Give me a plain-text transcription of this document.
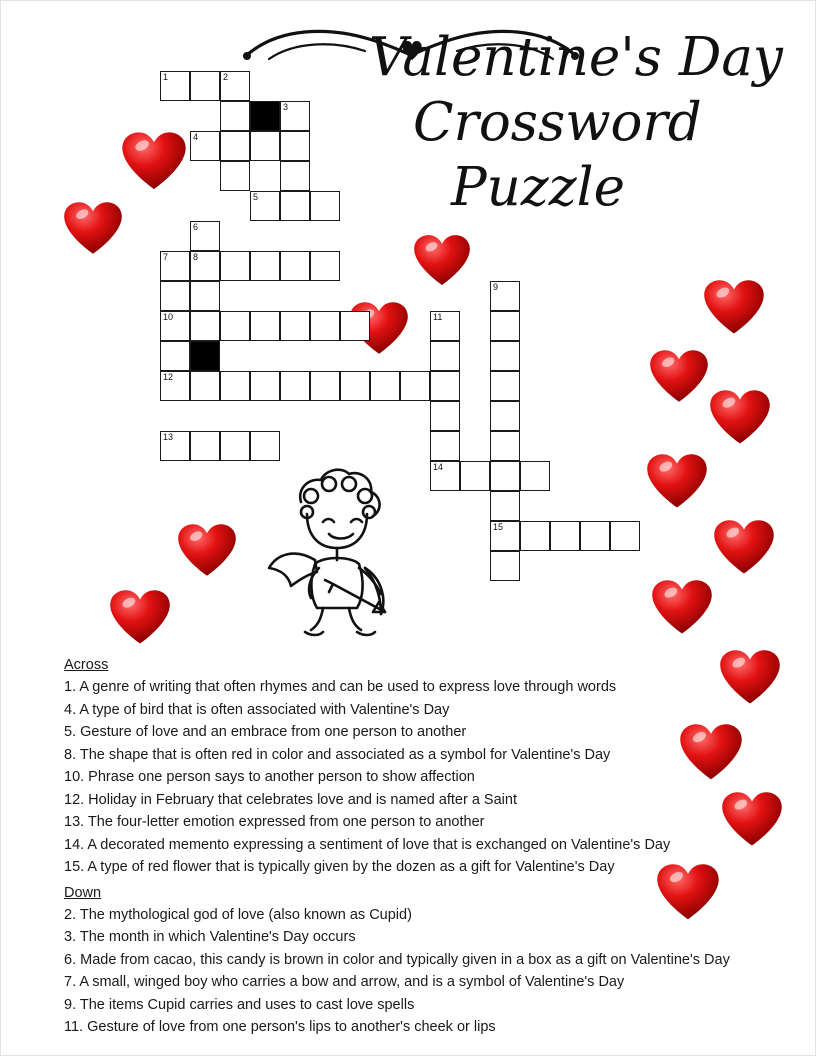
Valentine's Day
Crossword
Puzzle
1	2
3
4
5
6
7	8
9
10	11
12
13
14
15
Across
1. A genre of writing that often rhymes and can be used to express love through words
4. A type of bird that is often associated with Valentine's Day
5. Gesture of love and an embrace from one person to another
8. The shape that is often red in color and associated as a symbol for Valentine's Day
10. Phrase one person says to another person to show affection
12. Holiday in February that celebrates love and is named after a Saint
13. The four-letter emotion expressed from one person to another
14. A decorated memento expressing a sentiment of love that is exchanged on Valentine's Day
15. A type of red flower that is typically given by the dozen as a gift for Valentine's Day
Down
2. The mythological god of love (also known as Cupid)
3. The month in which Valentine's Day occurs
6. Made from cacao, this candy is brown in color and typically given in a box as a gift on Valentine's Day
7. A small, winged boy who carries a bow and arrow, and is a symbol of Valentine's Day
9. The items Cupid carries and uses to cast love spells
11. Gesture of love from one person's lips to another's cheek or lips
